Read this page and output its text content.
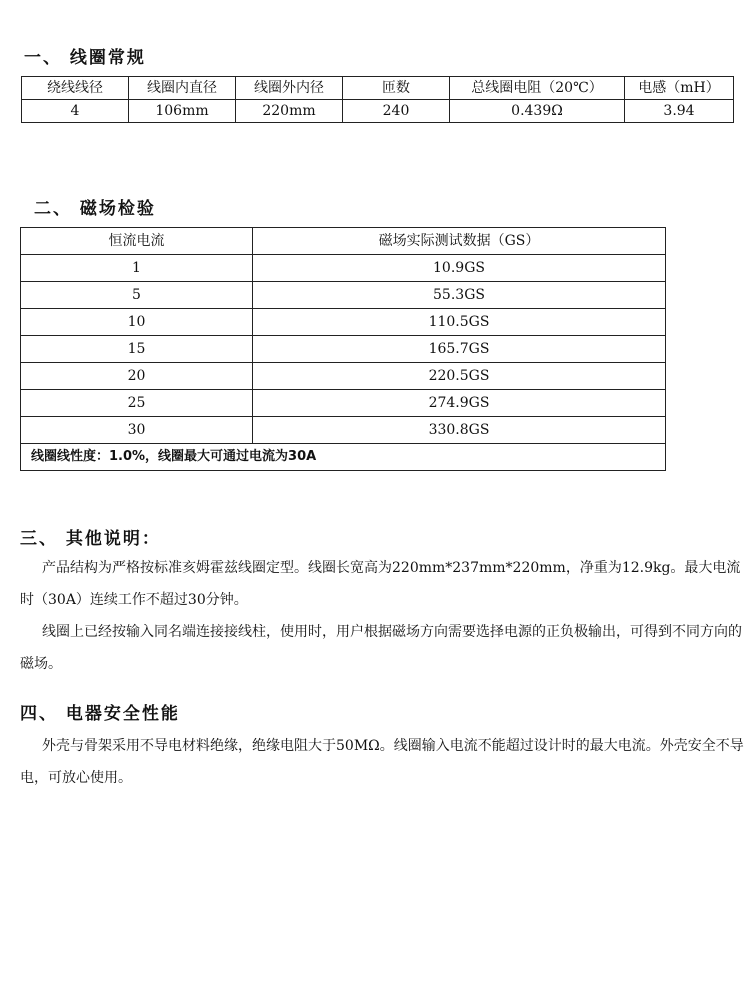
一、 线圈常规
绕线线径	线圈内直径	线圈外内径	匝数	总线圈电阻（20℃）	电感（mH）
4	106mm	220mm	240	0.439Ω	3.94
二、 磁场检验
恒流电流	磁场实际测试数据（GS）
1	10.9GS
5	55.3GS
10	110.5GS
15	165.7GS
20	220.5GS
25	274.9GS
30	330.8GS
线圈线性度：1.0%，线圈最大可通过电流为30A	
三、 其他说明：

产品结构为严格按标准亥姆霍兹线圈定型。线圈长宽高为220mm*237mm*220mm，净重为12.9kg。最大电流时（30A）连续工作不超过30分钟。

线圈上已经按输入同名端连接接线柱，使用时，用户根据磁场方向需要选择电源的正负极输出，可得到不同方向的磁场。

四、 电器安全性能

外壳与骨架采用不导电材料绝缘，绝缘电阻大于50MΩ。线圈输入电流不能超过设计时的最大电流。外壳安全不导电，可放心使用。
